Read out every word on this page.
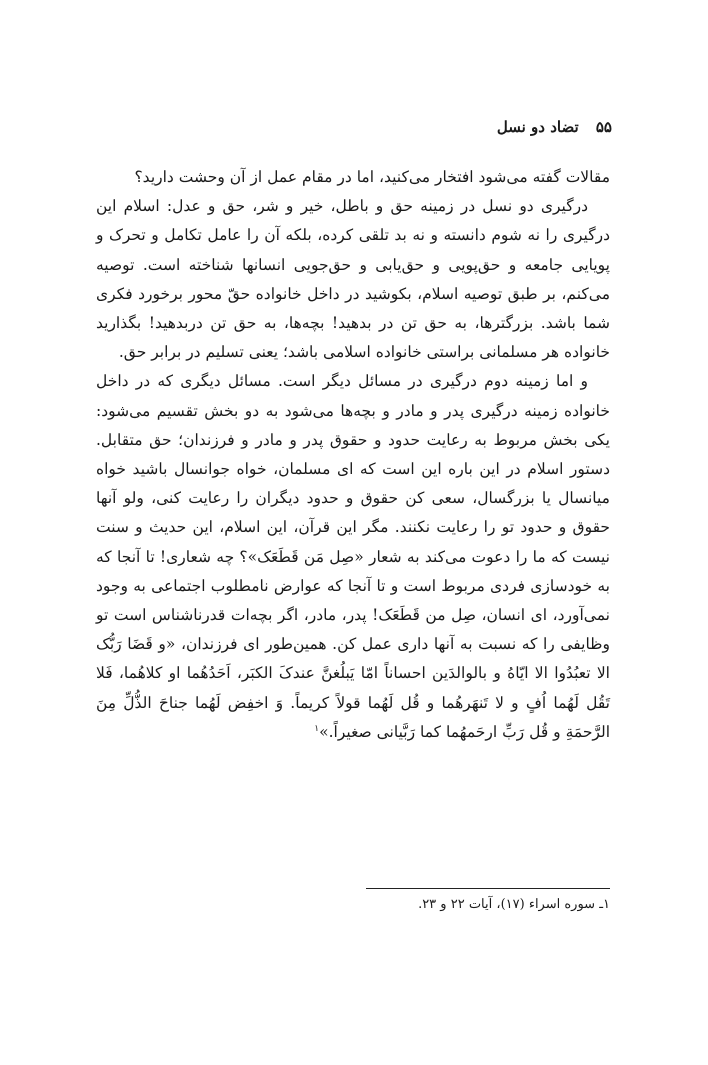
۵۵ تضاد دو نسل

مقالات گفته می‌شود افتخار می‌کنید، اما در مقام عمل از آن وحشت دارید؟

درگیری دو نسل در زمینه حق و باطل، خیر و شر، حق و عدل: اسلام این درگیری را نه شوم دانسته و نه بد تلقی کرده، بلکه آن را عامل تکامل و تحرک و پویایی جامعه و حق‌پویی و حق‌یابی و حق‌جویی انسانها شناخته است. توصیه می‌کنم، بر طبق توصیه اسلام، بکوشید در داخل خانواده حقّ محور برخورد فکری شما باشد. بزرگترها، به حق تن در بدهید! بچه‌ها، به حق تن دربدهید! بگذارید خانواده هر مسلمانی براستی خانواده اسلامی باشد؛ یعنی تسلیم در برابر حق.

و اما زمینه دوم درگیری در مسائل دیگر است. مسائل دیگری که در داخل خانواده زمینه درگیری پدر و مادر و بچه‌ها می‌شود به دو بخش تقسیم می‌شود: یکی بخش مربوط به رعایت حدود و حقوق پدر و مادر و فرزندان؛ حق متقابل. دستور اسلام در این باره این است که ای مسلمان، خواه جوانسال باشید خواه میانسال یا بزرگسال، سعی کن حقوق و حدود دیگران را رعایت کنی، ولو آنها حقوق و حدود تو را رعایت نکنند. مگر این قرآن، این اسلام، این حدیث و سنت نیست که ما را دعوت می‌کند به شعار «صِل مَن قَطَعَک»؟ چه شعاری! تا آنجا که به خودسازی فردی مربوط است و تا آنجا که عوارض نامطلوب اجتماعی به وجود نمی‌آورد، ای انسان، صِل من قَطَعَک! پدر، مادر، اگر بچه‌ات قدرناشناس است تو وظایفی را که نسبت به آنها داری عمل کن. همین‌طور ای فرزندان، «و قَضَا رَبُّک الا تعبُدُوا الا ایّاهُ و بالوالدَین احساناً امّا یَبلُغنَّ عندکَ الکبَر، اَحَدُهُما او کلاهُما، فَلا تَقُل لَهُما اُفٍ و لا تَنهَرهُما و قُل لَهُما قولاً کریماً. وَ اخفِض لَهُما جناحَ الذُّلِّ مِنَ الرَّحمَةِ و قُل رَبِّ ارحَمهُما کما رَبَّیانی صغیراً.»$^۱$

۱ـ سوره اسراء (۱۷)، آیات ۲۲ و ۲۳.
